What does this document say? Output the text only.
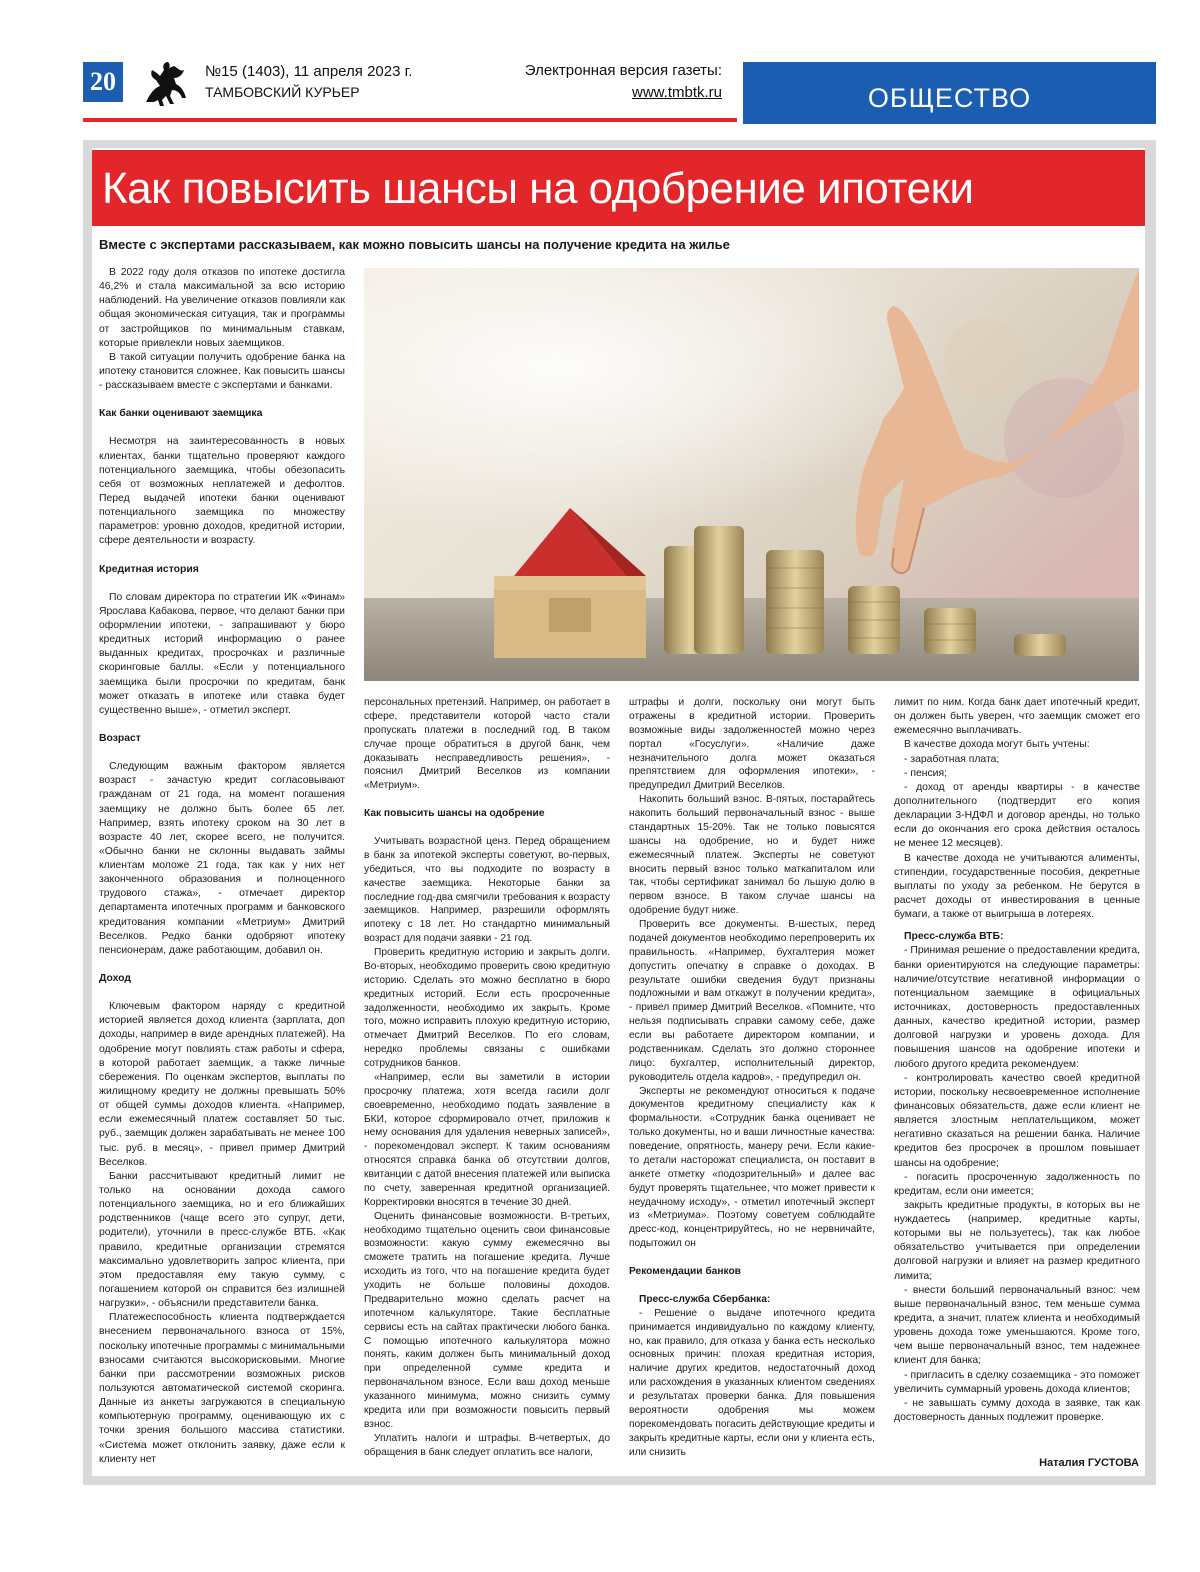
20	№15 (1403), 11 апреля 2023 г.
ТАМБОВСКИЙ КУРЬЕР
Электронная версия газеты:
www.tmbtk.ru	ОБЩЕСТВО
Как повысить шансы на одобрение ипотеки
Вместе с экспертами рассказываем, как можно повысить шансы на получение кредита на жилье

В 2022 году доля отказов по ипотеке достигла 46,2% и стала максимальной за всю историю наблюдений. На увеличение отказов повлияли как общая экономическая ситуация, так и программы от застройщиков по минимальным ставкам, которые привлекли новых заемщиков.

В такой ситуации получить одобрение банка на ипотеку становится сложнее. Как повысить шансы - рассказываем вместе с экспертами и банками.

Как банки оценивают заемщика

Несмотря на заинтересованность в новых клиентах, банки тщательно проверяют каждого потенциального заемщика, чтобы обезопасить себя от возможных неплатежей и дефолтов. Перед выдачей ипотеки банки оценивают потенциального заемщика по множеству параметров: уровню доходов, кредитной истории, сфере деятельности и возрасту.

Кредитная история

По словам директора по стратегии ИК «Финам» Ярослава Кабакова, первое, что делают банки при оформлении ипотеки, - запрашивают у бюро кредитных историй информацию о ранее выданных кредитах, просрочках и различные скоринговые баллы. «Если у потенциального заемщика были просрочки по кредитам, банк может отказать в ипотеке или ставка будет существенно выше», - отметил эксперт.

Возраст

Следующим важным фактором является возраст - зачастую кредит согласовывают гражданам от 21 года, на момент погашения заемщику не должно быть более 65 лет. Например, взять ипотеку сроком на 30 лет в возрасте 40 лет, скорее всего, не получится. «Обычно банки не склонны выдавать займы клиентам моложе 21 года, так как у них нет законченного образования и полноценного трудового стажа», - отмечает директор департамента ипотечных программ и банковского кредитования компании «Метриум» Дмитрий Веселков. Редко банки одобряют ипотеку пенсионерам, даже работающим, добавил он.

Доход

Ключевым фактором наряду с кредитной историей является доход клиента (зарплата, доп доходы, например в виде арендных платежей). На одобрение могут повлиять стаж работы и сфера, в которой работает заемщик, а также личные сбережения. По оценкам экспертов, выплаты по жилищному кредиту не должны превышать 50% от общей суммы доходов клиента. «Например, если ежемесячный платеж составляет 50 тыс. руб., заемщик должен зарабатывать не менее 100 тыс. руб. в месяц», - привел пример Дмитрий Веселков.

Банки рассчитывают кредитный лимит не только на основании дохода самого потенциального заемщика, но и его ближайших родственников (чаще всего это супруг, дети, родители), уточнили в пресс-службе ВТБ. «Как правило, кредитные организации стремятся максимально удовлетворить запрос клиента, при этом предоставляя ему такую сумму, с погашением которой он справится без излишней нагрузки», - объяснили представители банка.

Платежеспособность клиента подтверждается внесением первоначального взноса от 15%, поскольку ипотечные программы с минимальными взносами считаются высокорисковыми. Многие банки при рассмотрении возможных рисков пользуются автоматической системой скоринга. Данные из анкеты загружаются в специальную компьютерную программу, оценивающую их с точки зрения большого массива статистики. «Система может отклонить заявку, даже если к клиенту нет

персональных претензий. Например, он работает в сфере, представители которой часто стали пропускать платежи в последний год. В таком случае проще обратиться в другой банк, чем доказывать несправедливость решения», - пояснил Дмитрий Веселков из компании «Метриум».

Как повысить шансы на одобрение

Учитывать возрастной ценз. Перед обращением в банк за ипотекой эксперты советуют, во-первых, убедиться, что вы подходите по возрасту в качестве заемщика. Некоторые банки за последние год-два смягчили требования к возрасту заемщиков. Например, разрешили оформлять ипотеку с 18 лет. Но стандартно минимальный возраст для подачи заявки - 21 год.

Проверить кредитную историю и закрыть долги. Во-вторых, необходимо проверить свою кредитную историю. Сделать это можно бесплатно в бюро кредитных историй. Если есть просроченные задолженности, необходимо их закрыть. Кроме того, можно исправить плохую кредитную историю, отмечает Дмитрий Веселков. По его словам, нередко проблемы связаны с ошибками сотрудников банков.

«Например, если вы заметили в истории просрочку платежа, хотя всегда гасили долг своевременно, необходимо подать заявление в БКИ, которое сформировало отчет, приложив к нему основания для удаления неверных записей», - порекомендовал эксперт. К таким основаниям относятся справка банка об отсутствии долгов, квитанции с датой внесения платежей или выписка по счету, заверенная кредитной организацией. Корректировки вносятся в течение 30 дней.

Оценить финансовые возможности. В-третьих, необходимо тщательно оценить свои финансовые возможности: какую сумму ежемесячно вы сможете тратить на погашение кредита. Лучше исходить из того, что на погашение кредита будет уходить не больше половины доходов. Предварительно можно сделать расчет на ипотечном калькуляторе. Такие бесплатные сервисы есть на сайтах практически любого банка. С помощью ипотечного калькулятора можно понять, каким должен быть минимальный доход при определенной сумме кредита и первоначальном взносе. Если ваш доход меньше указанного минимума, можно снизить сумму кредита или при возможности повысить первый взнос.

Уплатить налоги и штрафы. В-четвертых, до обращения в банк следует оплатить все налоги,

штрафы и долги, поскольку они могут быть отражены в кредитной истории. Проверить возможные виды задолженностей можно через портал «Госуслуги». «Наличие даже незначительного долга может оказаться препятствием для оформления ипотеки», - предупредил Дмитрий Веселков.

Накопить больший взнос. В-пятых, постарайтесь накопить больший первоначальный взнос - выше стандартных 15-20%. Так не только повысятся шансы на одобрение, но и будет ниже ежемесячный платеж. Эксперты не советуют вносить первый взнос только маткапиталом или так, чтобы сертификат занимал бо льшую долю в первом взносе. В таком случае шансы на одобрение будут ниже.

Проверить все документы. В-шестых, перед подачей документов необходимо перепроверить их правильность. «Например, бухгалтерия может допустить опечатку в справке о доходах. В результате ошибки сведения будут признаны подложными и вам откажут в получении кредита», - привел пример Дмитрий Веселков. «Помните, что нельзя подписывать справки самому себе, даже если вы работаете директором компании, и родственникам. Сделать это должно стороннее лицо: бухгалтер, исполнительный директор, руководитель отдела кадров», - предупредил он.

Эксперты не рекомендуют относиться к подаче документов кредитному специалисту как к формальности. «Сотрудник банка оценивает не только документы, но и ваши личностные качества: поведение, опрятность, манеру речи. Если какие-то детали насторожат специалиста, он поставит в анкете отметку «подозрительный» и далее вас будут проверять тщательнее, что может привести к неудачному исходу», - отметил ипотечный эксперт из «Метриума». Поэтому советуем соблюдайте дресс-код, концентрируйтесь, но не нервничайте, подытожил он

Рекомендации банков

Пресс-служба Сбербанка:

- Решение о выдаче ипотечного кредита принимается индивидуально по каждому клиенту, но, как правило, для отказа у банка есть несколько основных причин: плохая кредитная история, наличие других кредитов, недостаточный доход или расхождения в указанных клиентом сведениях и результатах проверки банка. Для повышения вероятности одобрения мы можем порекомендовать погасить действующие кредиты и закрыть кредитные карты, если они у клиента есть, или снизить

лимит по ним. Когда банк дает ипотечный кредит, он должен быть уверен, что заемщик сможет его ежемесячно выплачивать.

В качестве дохода могут быть учтены:

- заработная плата;

- пенсия;

- доход от аренды квартиры - в качестве дополнительного (подтвердит его копия декларации 3-НДФЛ и договор аренды, но только если до окончания его срока действия осталось не менее 12 месяцев).

В качестве дохода не учитываются алименты, стипендии, государственные пособия, декретные выплаты по уходу за ребенком. Не берутся в расчет доходы от инвестирования в ценные бумаги, а также от выигрыша в лотереях.

Пресс-служба ВТБ:

- Принимая решение о предоставлении кредита, банки ориентируются на следующие параметры: наличие/отсутствие негативной информации о потенциальном заемщике в официальных источниках, достоверность предоставленных данных, качество кредитной истории, размер долговой нагрузки и уровень дохода. Для повышения шансов на одобрение ипотеки и любого другого кредита рекомендуем:

- контролировать качество своей кредитной истории, поскольку несвоевременное исполнение финансовых обязательств, даже если клиент не является злостным неплательщиком, может негативно сказаться на решении банка. Наличие кредитов без просрочек в прошлом повышает шансы на одобрение;

- погасить просроченную задолженность по кредитам, если они имеется;

закрыть кредитные продукты, в которых вы не нуждаетесь (например, кредитные карты, которыми вы не пользуетесь), так как любое обязательство учитывается при определении долговой нагрузки и влияет на размер кредитного лимита;

- внести больший первоначальный взнос: чем выше первоначальный взнос, тем меньше сумма кредита, а значит, платеж клиента и необходимый уровень дохода тоже уменьшаются. Кроме того, чем выше первоначальный взнос, тем надежнее клиент для банка;

- пригласить в сделку созаемщика - это поможет увеличить суммарный уровень дохода клиентов;

- не завышать сумму дохода в заявке, так как достоверность данных подлежит проверке.

Наталия ГУСТОВА
